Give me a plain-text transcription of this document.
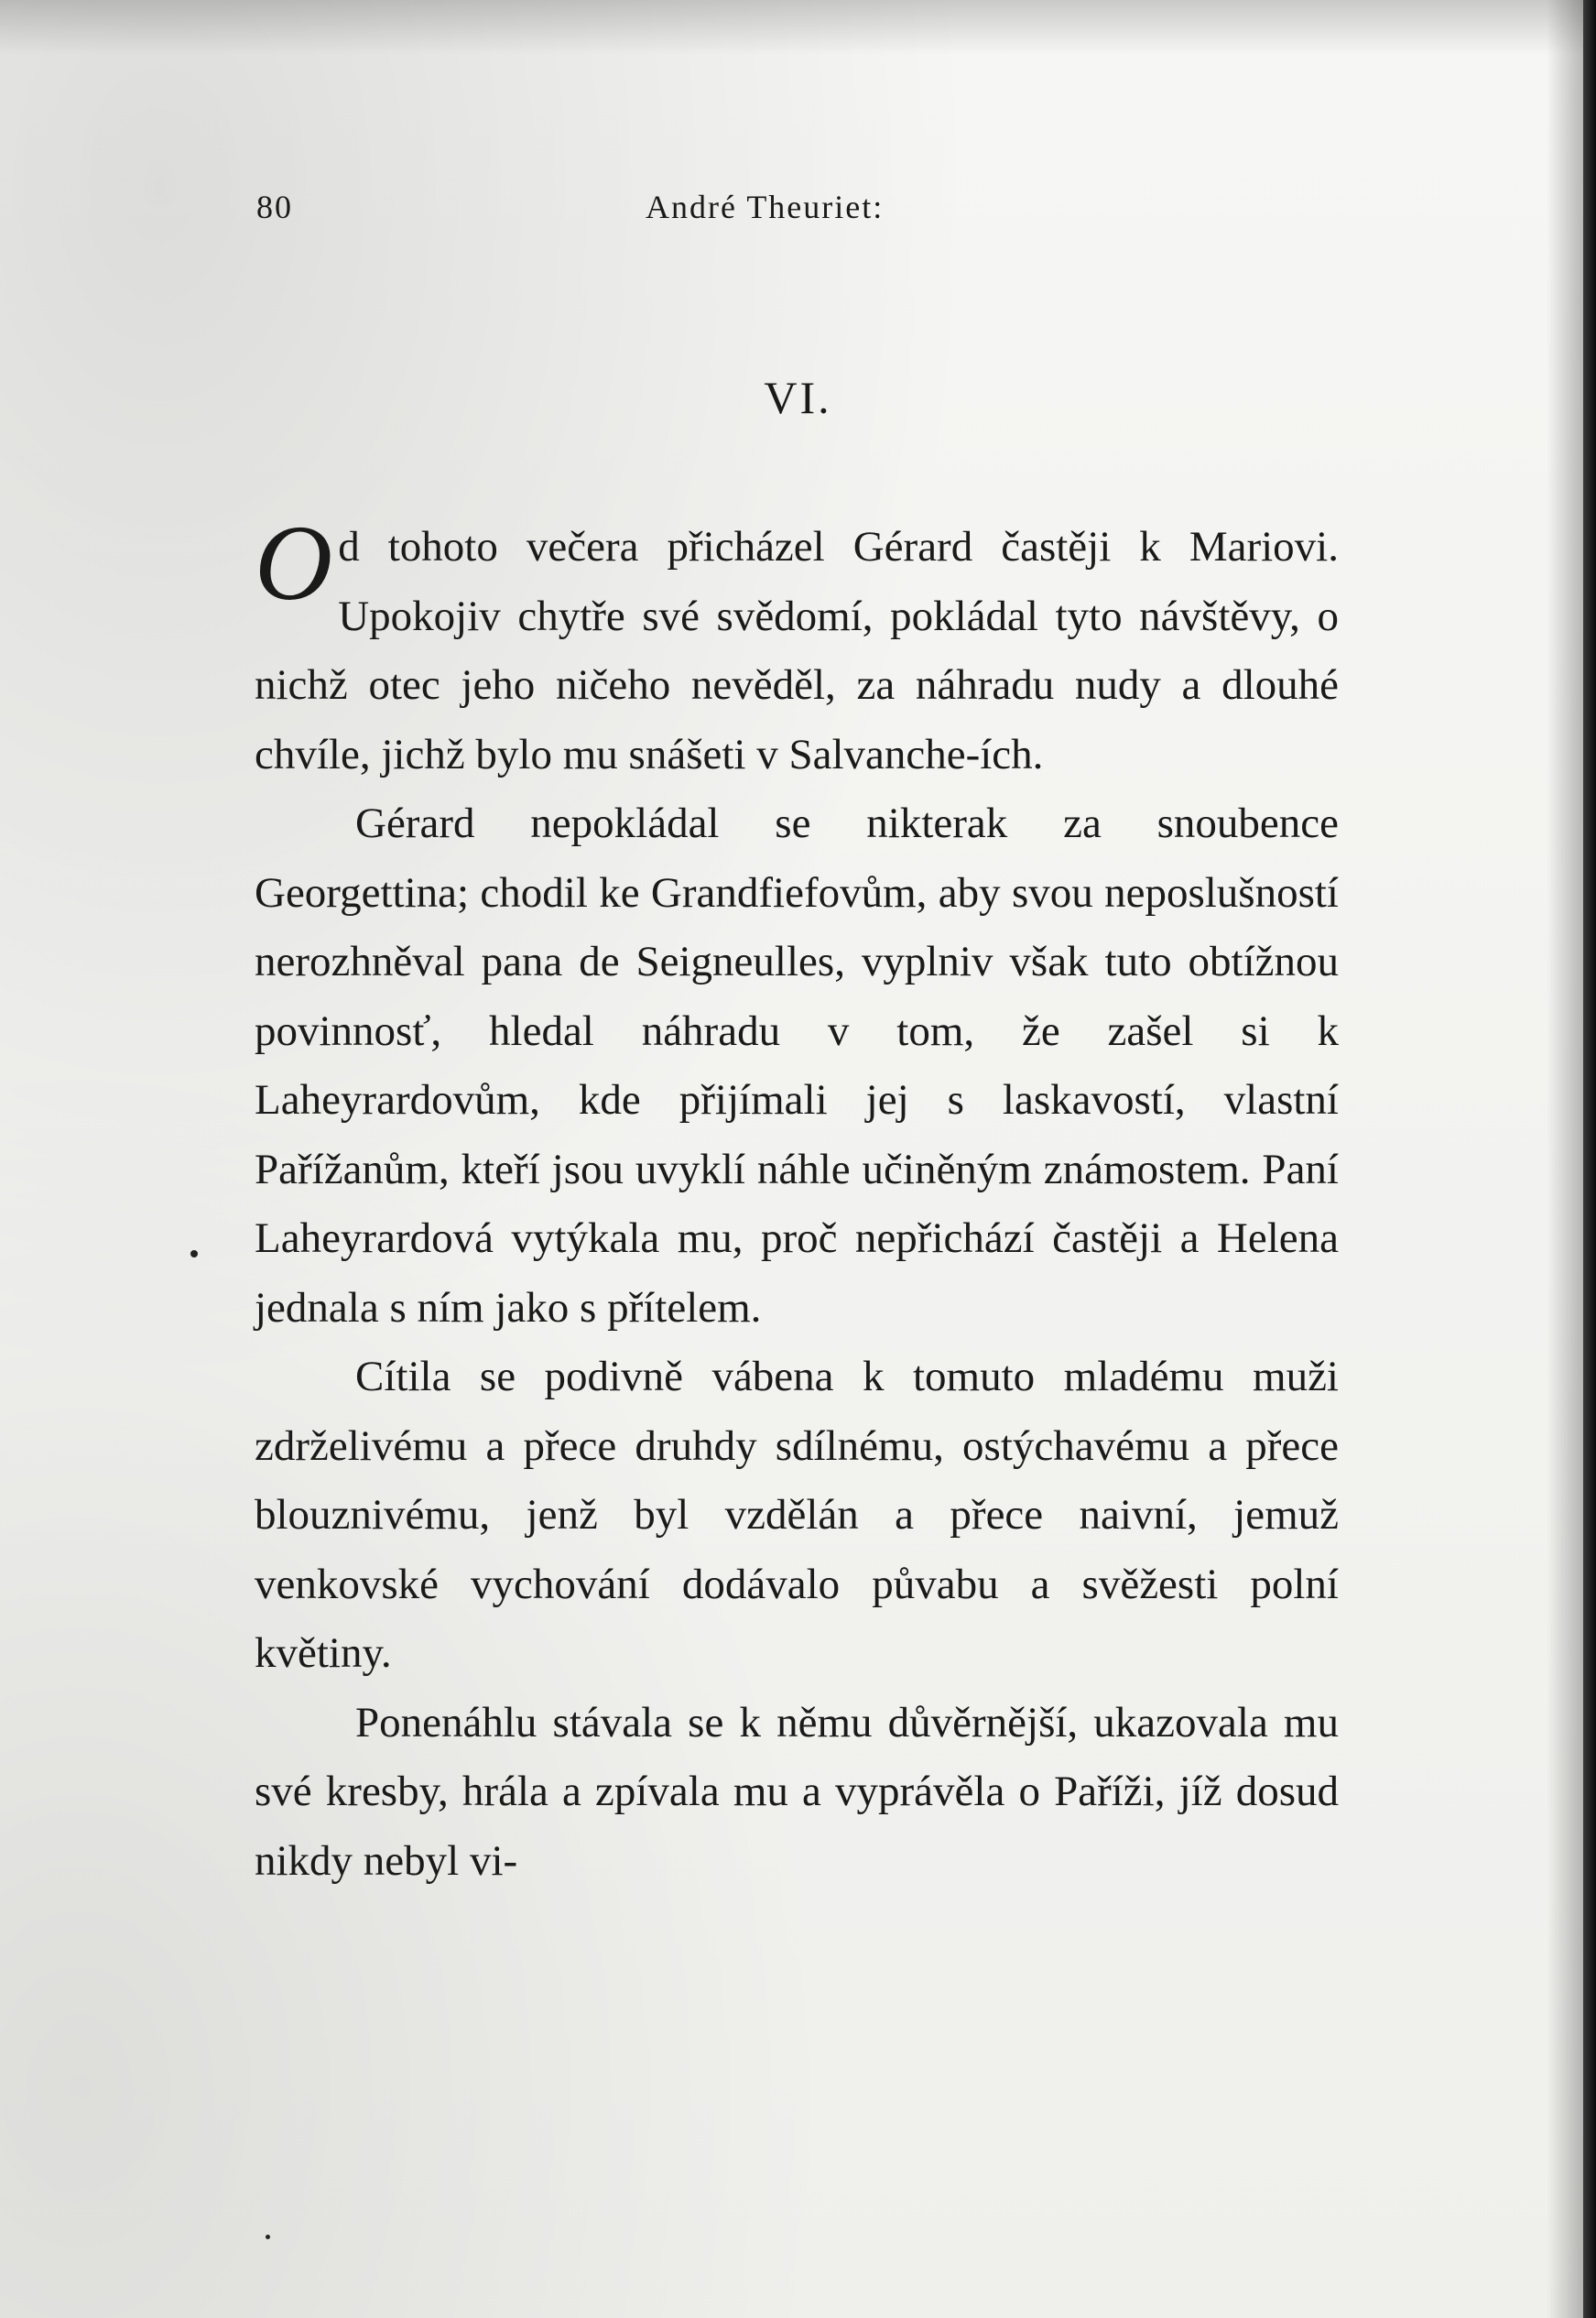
80	André Theuriet:
VI.

Od tohoto večera přicházel Gérard častěji k Mariovi. Upokojiv chytře své svědomí, pokládal tyto návštěvy, o nichž otec jeho ničeho nevěděl, za náhradu nudy a dlouhé chvíle, jichž bylo mu snášeti v Salvanche-ích.

Gérard nepokládal se nikterak za snoubence Georgettina; chodil ke Grandfiefovům, aby svou neposlušností nerozhněval pana de Seigneulles, vyplniv však tuto obtížnou povinnosť, hledal náhradu v tom, že zašel si k Laheyrardovům, kde přijímali jej s laskavostí, vlastní Pařížanům, kteří jsou uvyklí náhle učiněným známostem. Paní Laheyrardová vytýkala mu, proč nepřichází častěji a Helena jednala s ním jako s přítelem.

Cítila se podivně vábena k tomuto mladému muži zdrželivému a přece druhdy sdílnému, ostýchavému a přece blouznivému, jenž byl vzdělán a přece naivní, jemuž venkovské vychování dodávalo půvabu a svěžesti polní květiny.

Ponenáhlu stávala se k němu důvěrnější, ukazovala mu své kresby, hrála a zpívala mu a vyprávěla o Paříži, jíž dosud nikdy nebyl vi-
